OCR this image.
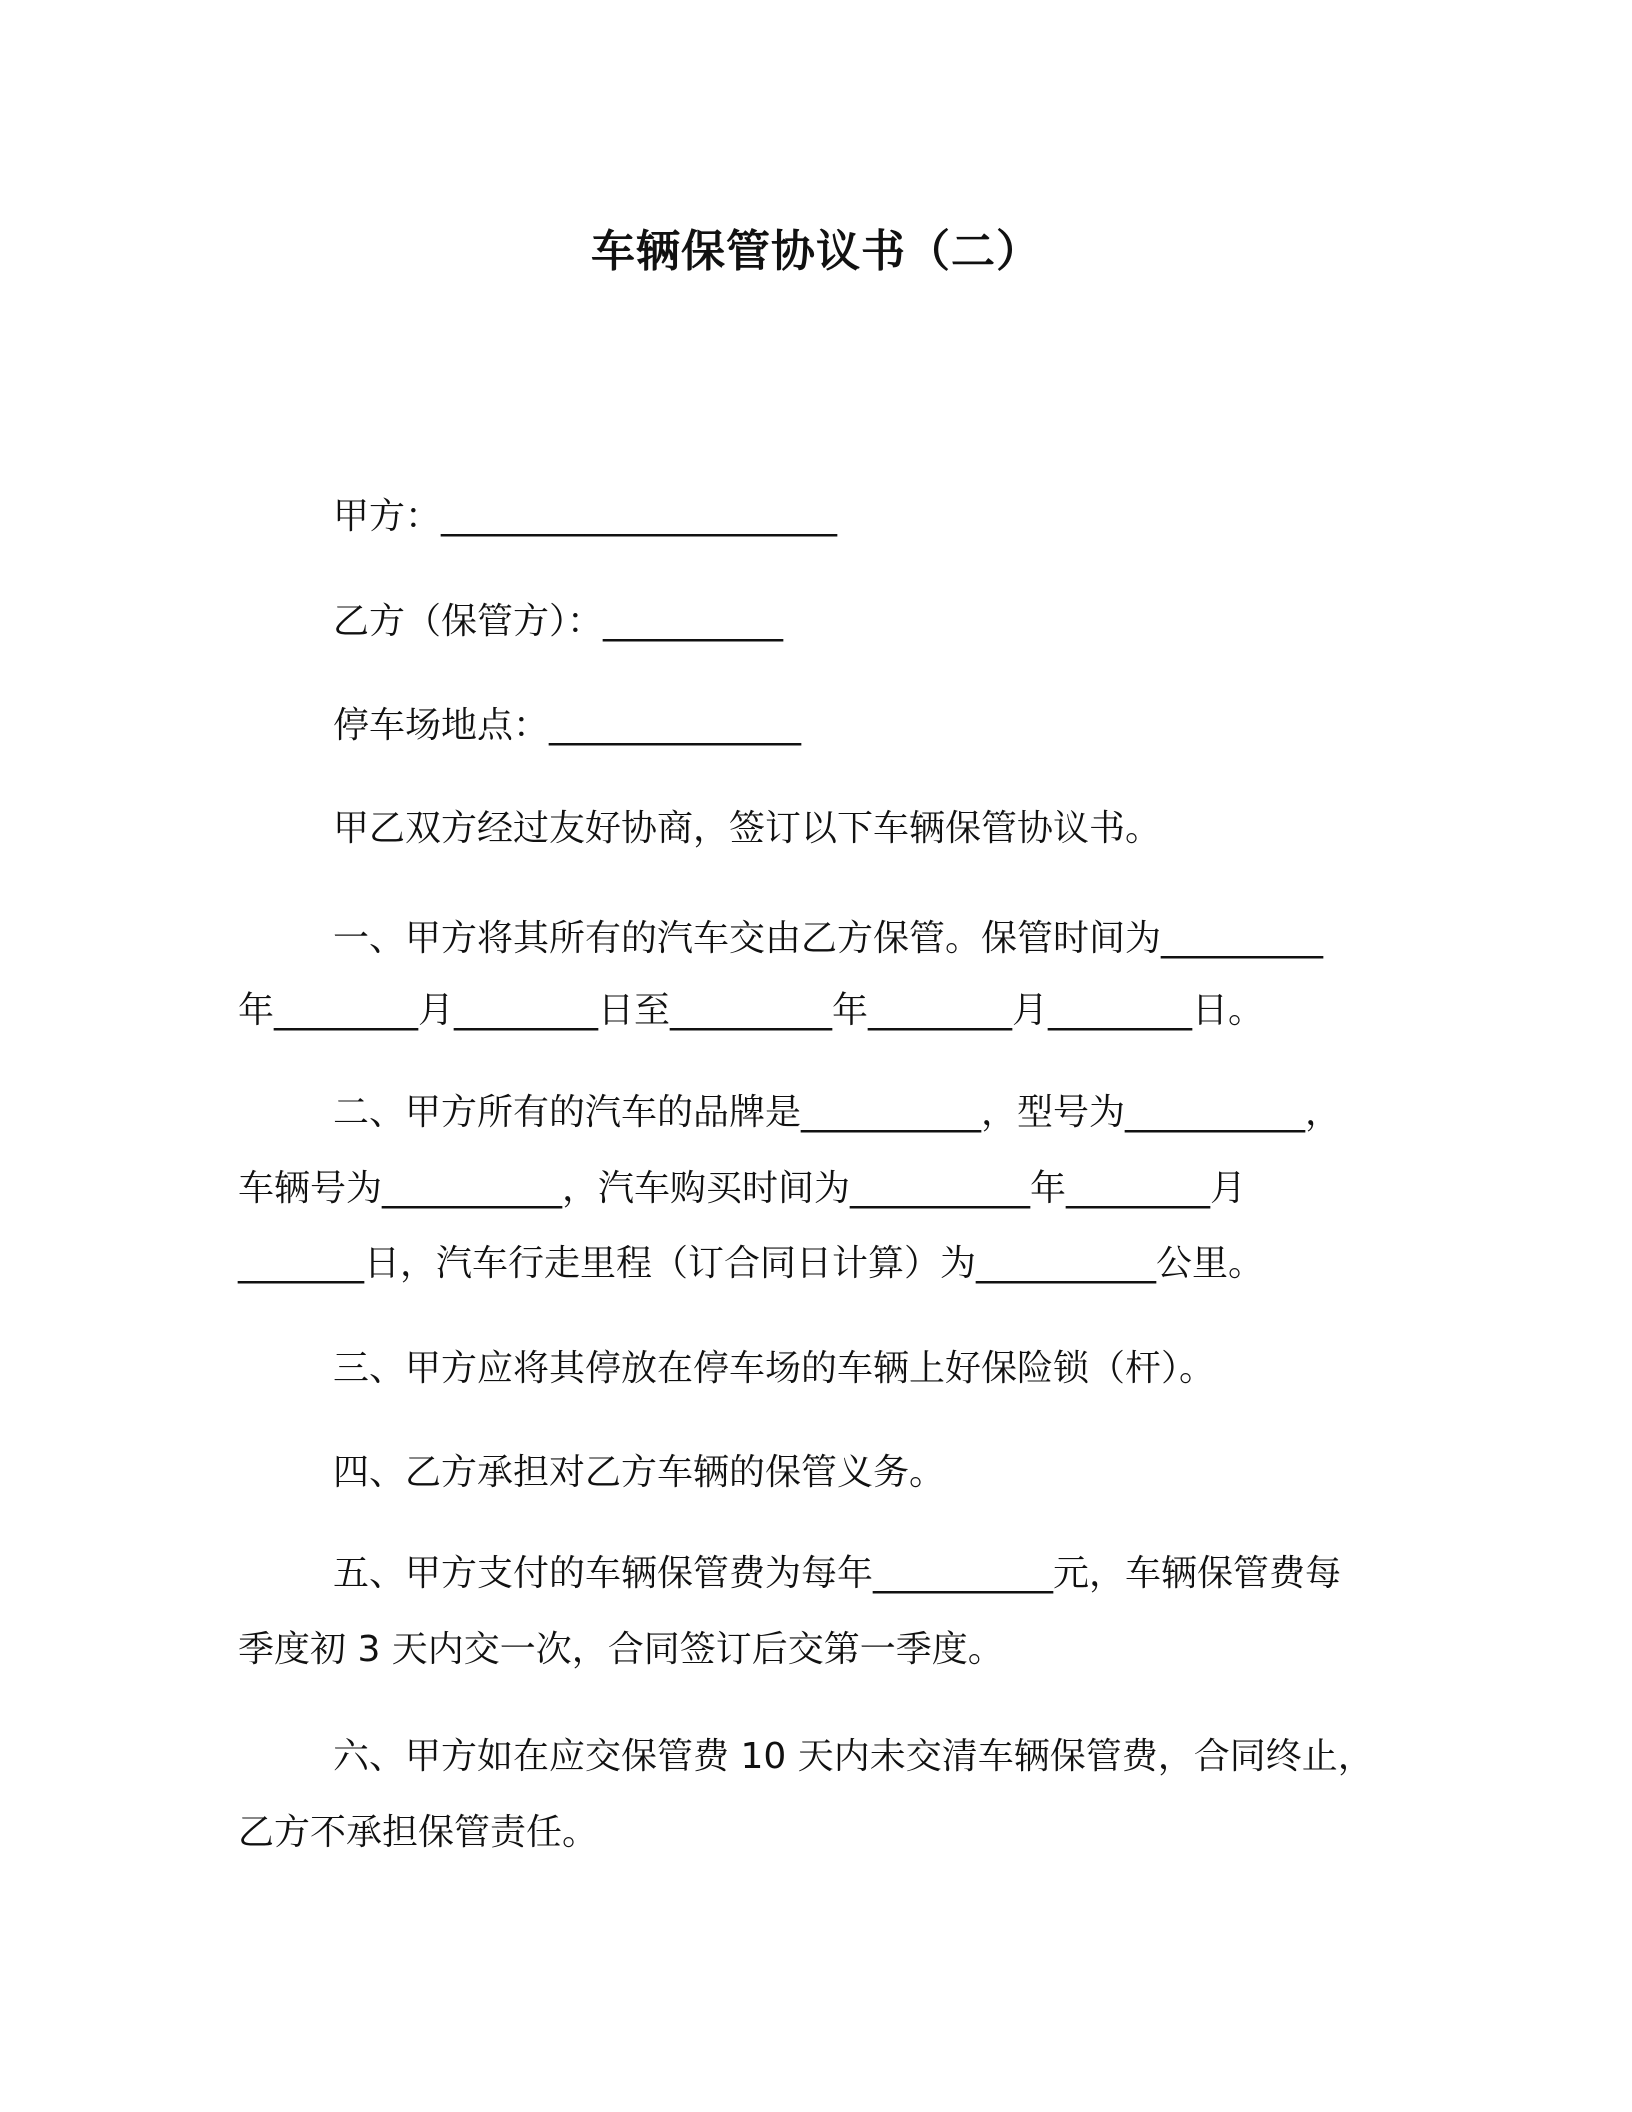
车辆保管协议书（二）
甲方：______________________
乙方（保管方）：__________
停车场地点：______________
甲乙双方经过友好协商，签订以下车辆保管协议书。
一、甲方将其所有的汽车交由乙方保管。保管时间为_________
年________月________日至_________年________月________日。
二、甲方所有的汽车的品牌是__________，型号为__________，
车辆号为__________，汽车购买时间为__________年________月
_______日，汽车行走里程（订合同日计算）为__________公里。
三、甲方应将其停放在停车场的车辆上好保险锁（杆）。
四、乙方承担对乙方车辆的保管义务。
五、甲方支付的车辆保管费为每年__________元，车辆保管费每
季度初 3 天内交一次，合同签订后交第一季度。
六、甲方如在应交保管费 10 天内未交清车辆保管费，合同终止，
乙方不承担保管责任。
